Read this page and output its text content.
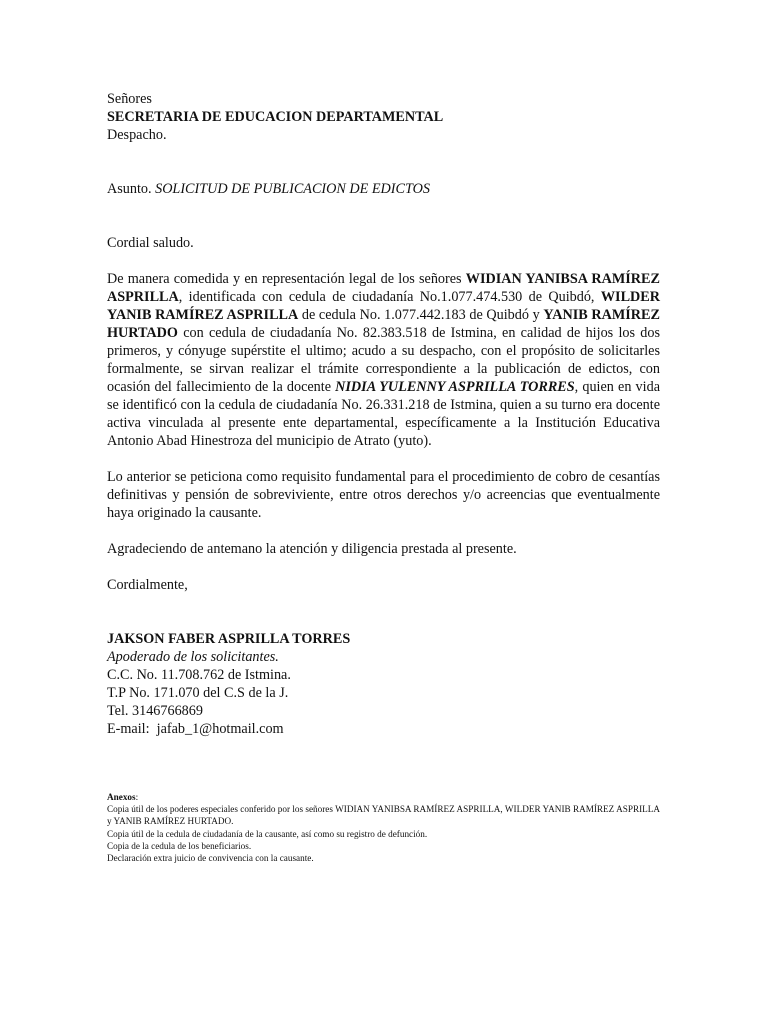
Señores
SECRETARIA DE EDUCACION DEPARTAMENTAL
Despacho.
Asunto. SOLICITUD DE PUBLICACION DE EDICTOS
Cordial saludo.

De manera comedida y en representación legal de los señores WIDIAN YANIBSA RAMÍREZ ASPRILLA, identificada con cedula de ciudadanía No.1.077.474.530 de Quibdó, WILDER YANIB RAMÍREZ ASPRILLA de cedula No. 1.077.442.183 de Quibdó y YANIB RAMÍREZ HURTADO con cedula de ciudadanía No. 82.383.518 de Istmina, en calidad de hijos los dos primeros, y cónyuge supérstite el ultimo; acudo a su despacho, con el propósito de solicitarles formalmente, se sirvan realizar el trámite correspondiente a la publicación de edictos, con ocasión del fallecimiento de la docente NIDIA YULENNY ASPRILLA TORRES, quien en vida se identificó con la cedula de ciudadanía No. 26.331.218 de Istmina, quien a su turno era docente activa vinculada al presente ente departamental, específicamente a la Institución Educativa Antonio Abad Hinestroza del municipio de Atrato (yuto).

Lo anterior se peticiona como requisito fundamental para el procedimiento de cobro de cesantías definitivas y pensión de sobreviviente, entre otros derechos y/o acreencias que eventualmente haya originado la causante.

Agradeciendo de antemano la atención y diligencia prestada al presente.

Cordialmente,
JAKSON FABER ASPRILLA TORRES
Apoderado de los solicitantes.
C.C. No. 11.708.762 de Istmina.
T.P No. 171.070 del C.S de la J.
Tel. 3146766869
E-mail:  jafab_1@hotmail.com
Anexos:
Copia útil de los poderes especiales conferido por los señores WIDIAN YANIBSA RAMÍREZ ASPRILLA, WILDER YANIB RAMÍREZ ASPRILLA y YANIB RAMÍREZ HURTADO.
Copia útil de la cedula de ciudadanía de la causante, así como su registro de defunción.
Copia de la cedula de los beneficiarios.
Declaración extra juicio de convivencia con la causante.
